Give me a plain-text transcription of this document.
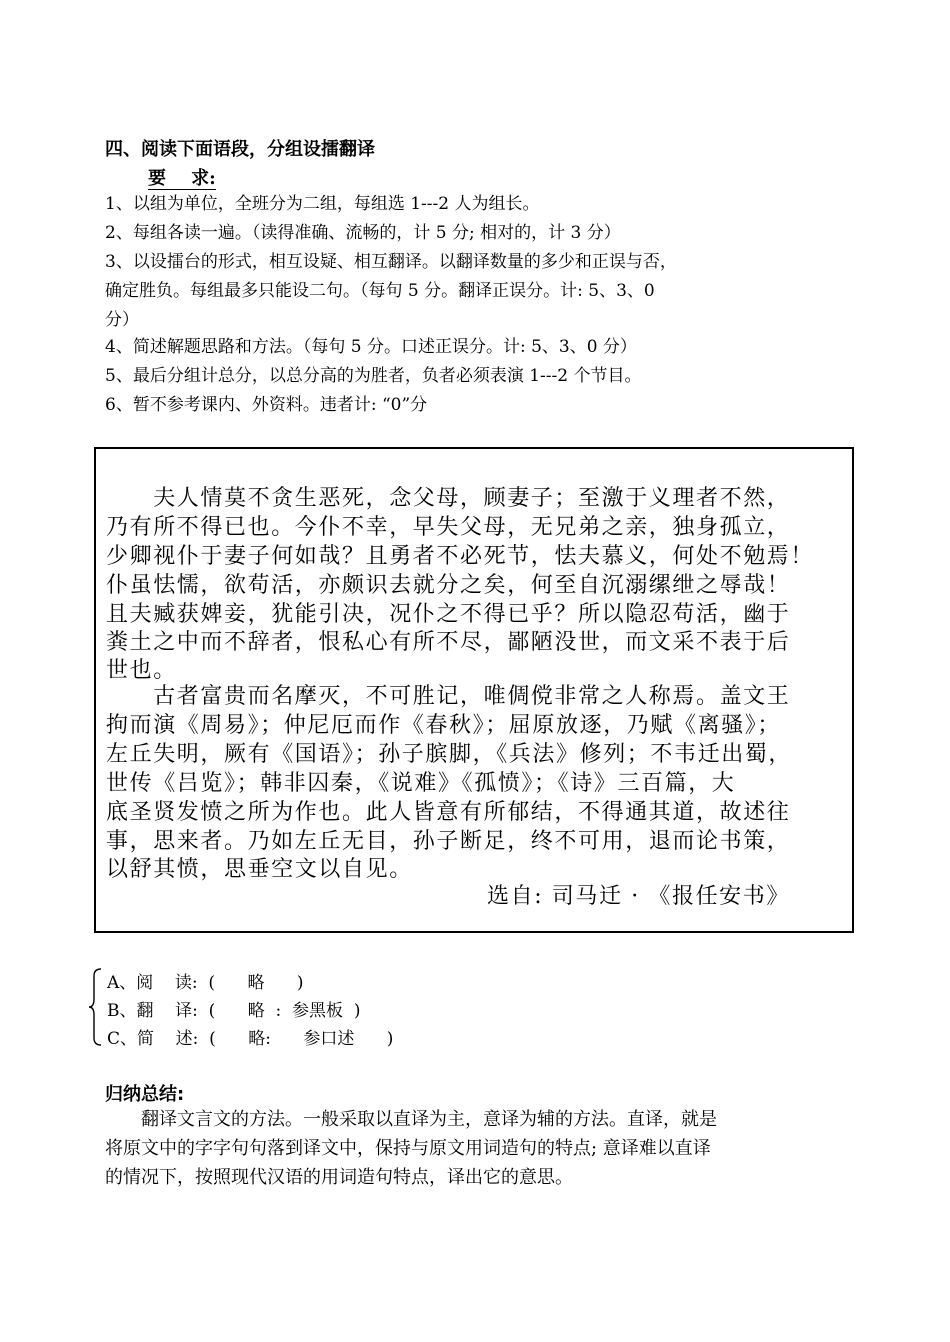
四、阅读下面语段，分组设擂翻译
要    求:
1、以组为单位，全班分为二组，每组选 1---2 人为组长。
2、每组各读一遍。（读得准确、流畅的，计 5 分; 相对的，计 3 分）
3、以设擂台的形式，相互设疑、相互翻译。以翻译数量的多少和正误与否，
确定胜负。每组最多只能设二句。（每句 5 分。翻译正误分。计: 5、3、0
分）
4、简述解题思路和方法。（每句 5 分。口述正误分。计: 5、3、0 分）
5、最后分组计总分，以总分高的为胜者，负者必须表演 1---2 个节目。
6、暂不参考课内、外资料。违者计: “0”分
　　夫人情莫不贪生恶死，念父母，顾妻子；至激于义理者不然，
乃有所不得已也。今仆不幸，早失父母，无兄弟之亲，独身孤立，
少卿视仆于妻子何如哉？且勇者不必死节，怯夫慕义，何处不勉焉！
仆虽怯懦，欲苟活，亦颇识去就分之矣，何至自沉溺缧绁之辱哉！
且夫臧获婢妾，犹能引决，况仆之不得已乎？所以隐忍苟活，幽于
粪土之中而不辞者，恨私心有所不尽，鄙陋没世，而文采不表于后
世也。
　　古者富贵而名摩灭，不可胜记，唯倜傥非常之人称焉。盖文王
拘而演《周易》；仲尼厄而作《春秋》；屈原放逐，乃赋《离骚》；
左丘失明，厥有《国语》；孙子膑脚，《兵法》修列；不韦迁出蜀，
世传《吕览》；韩非囚秦，《说难》《孤愤》；《诗》三百篇，大
底圣贤发愤之所为作也。此人皆意有所郁结，不得通其道，故述往
事，思来者。乃如左丘无目，孙子断足，终不可用，退而论书策，
以舒其愤，思垂空文以自见。
选自: 司马迁 · 《报任安书》
A、阅    读:  (      略      )
B、翻    译:  (      略  :  参黑板  )
C、简    述:  (      略:      参口述      )
归纳总结:
　　翻译文言文的方法。一般采取以直译为主，意译为辅的方法。直译，就是
将原文中的字字句句落到译文中，保持与原文用词造句的特点; 意译难以直译
的情况下，按照现代汉语的用词造句特点，译出它的意思。
